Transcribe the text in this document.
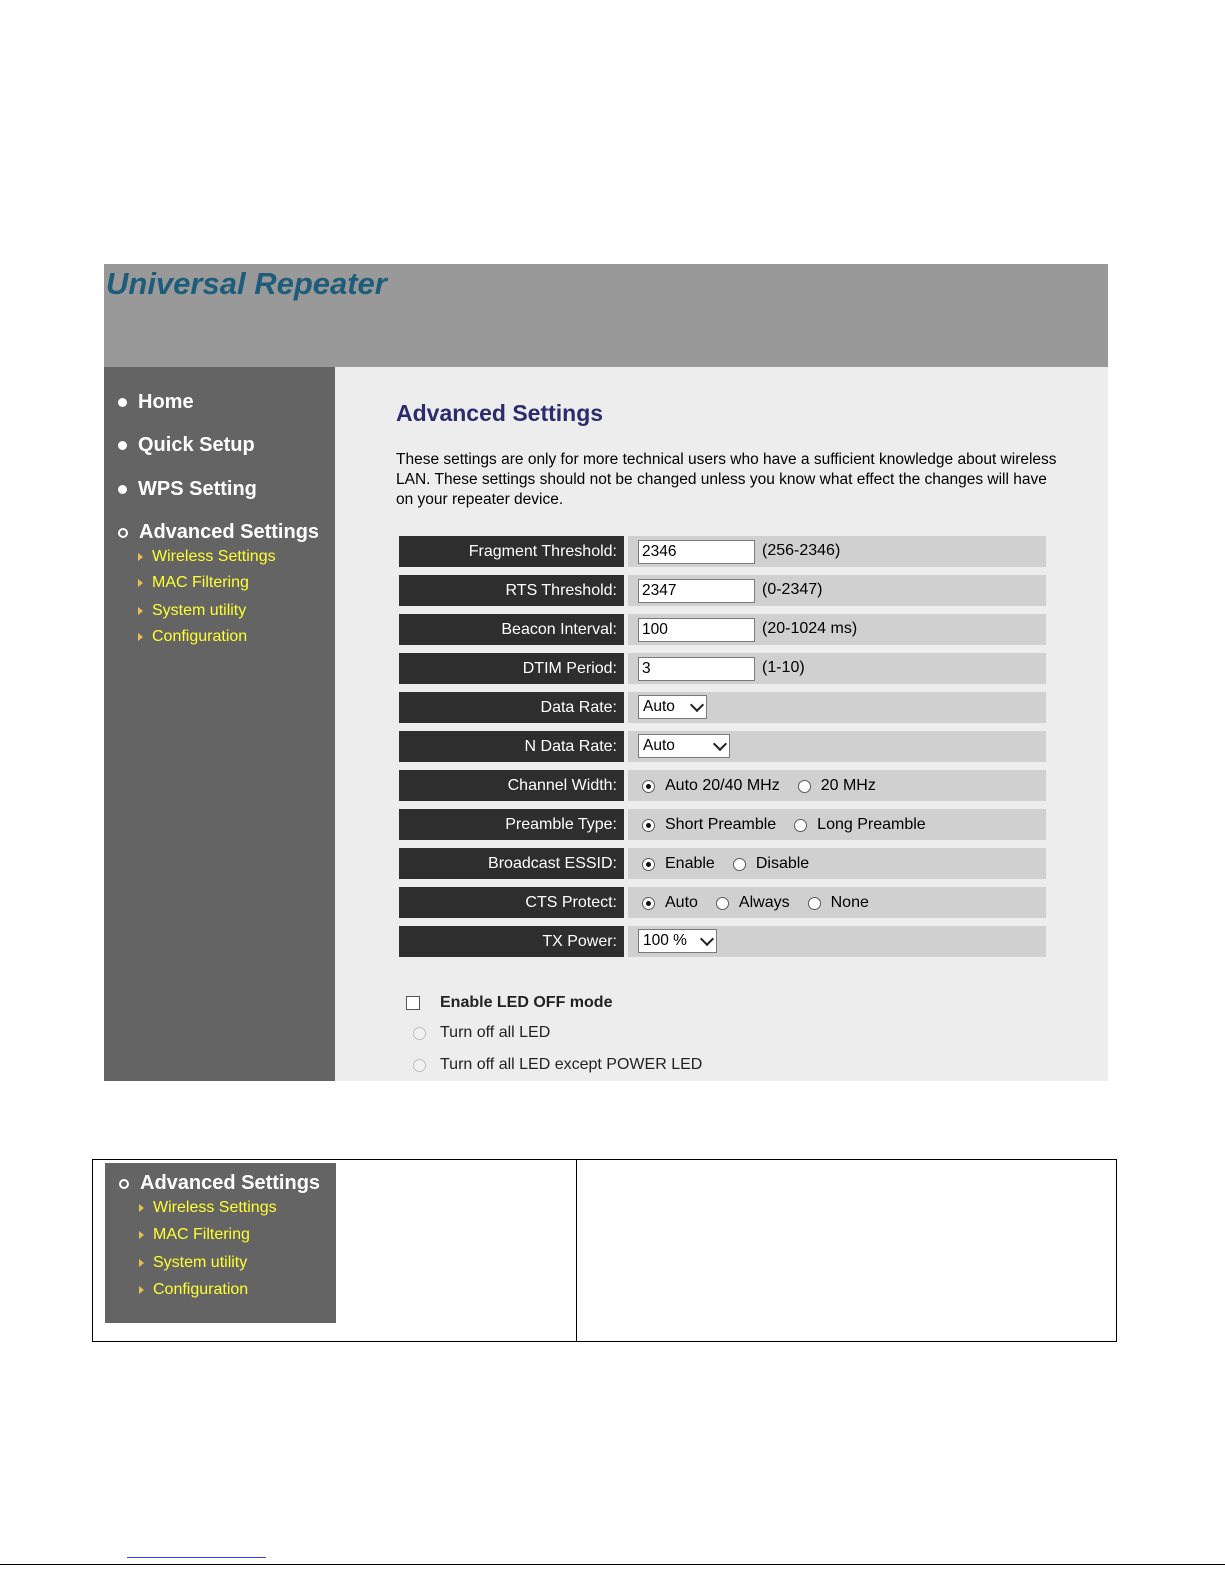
Universal Repeater
Home
Quick Setup
WPS Setting
Advanced Settings
Wireless Settings
MAC Filtering
System utility
Configuration
Advanced Settings
These settings are only for more technical users who have a sufficient knowledge about wireless LAN. These settings should not be changed unless you know what effect the changes will have on your repeater device.
Fragment Threshold:
2346	(256-2346)
RTS Threshold:
2347	(0-2347)
Beacon Interval:
100	(20-1024 ms)
DTIM Period:
3	(1-10)
Data Rate:	Auto
N Data Rate:	Auto
Channel Width:	Auto 20/40 MHz	20 MHz
Preamble Type:	Short Preamble	Long Preamble
Broadcast ESSID:	Enable	Disable
CTS Protect:	Auto	Always	None
TX Power:	100 %
Enable LED OFF mode
Turn off all LED
Turn off all LED except POWER LED
Advanced Settings
Wireless Settings
MAC Filtering
System utility
Configuration
